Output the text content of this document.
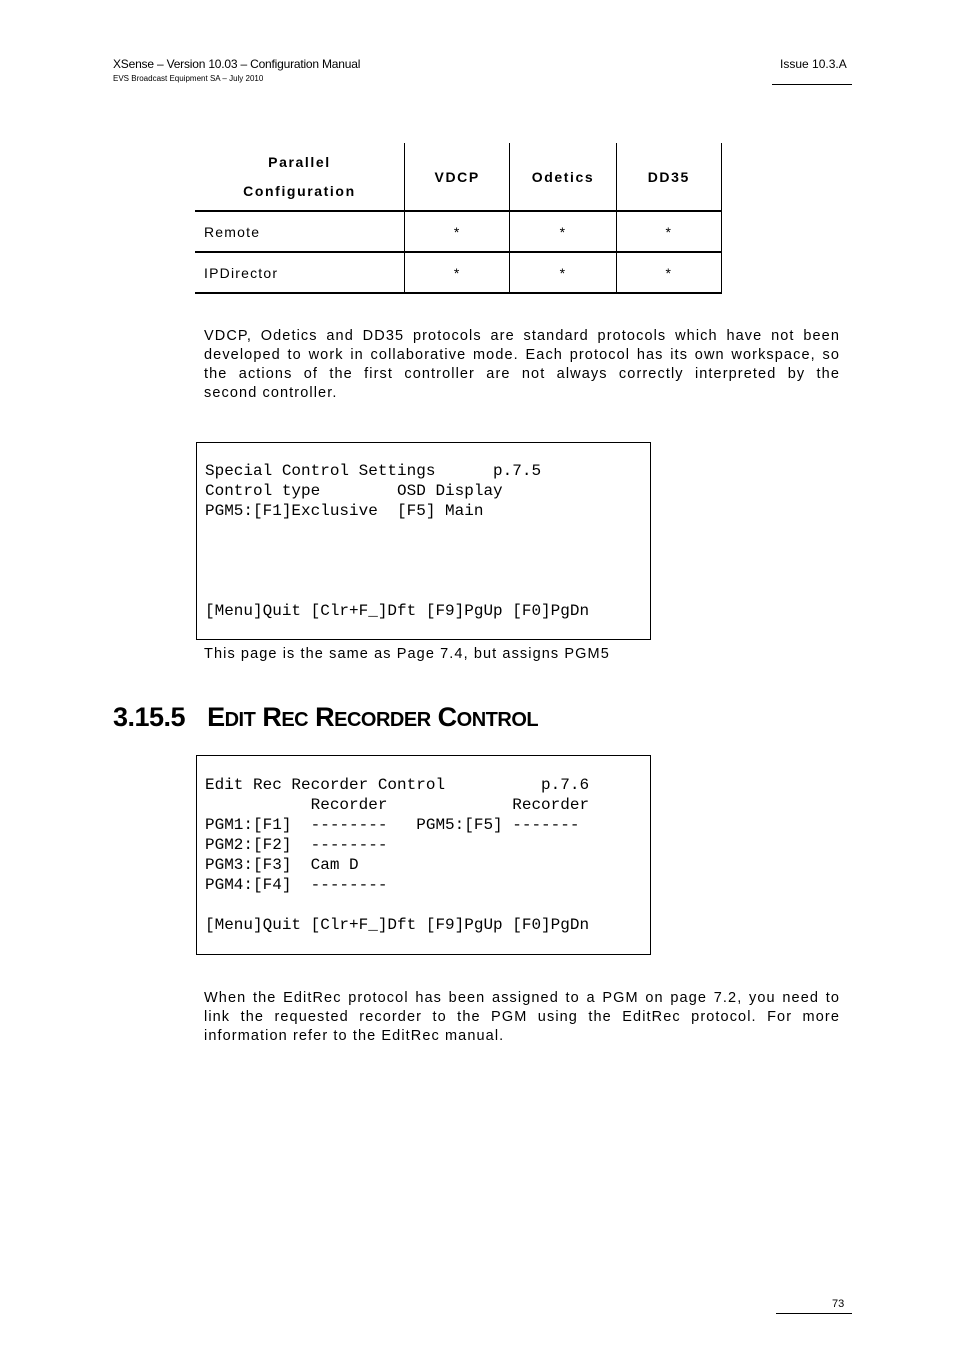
XSense – Version 10.03 – Configuration Manual
EVS Broadcast Equipment SA – July 2010
Issue 10.3.A
Parallel
Configuration	VDCP	Odetics	DD35
Remote	*	*	*
IPDirector	*	*	*
VDCP, Odetics and DD35 protocols are standard protocols which have not been
developed to work in collaborative mode. Each protocol has its own workspace, so
the actions of the first controller are not always correctly interpreted by the
second controller.
Special Control Settings      p.7.5
Control type        OSD Display
PGM5:[F1]Exclusive  [F5] Main
[Menu]Quit [Clr+F_]Dft [F9]PgUp [F0]PgDn
This page is the same as Page 7.4, but assigns PGM5
3.15.5 EDIT REC RECORDER CONTROL
Edit Rec Recorder Control          p.7.6
Recorder             Recorder
PGM1:[F1]  --------   PGM5:[F5] -------
PGM2:[F2]  --------
PGM3:[F3]  Cam D
PGM4:[F4]  --------
[Menu]Quit [Clr+F_]Dft [F9]PgUp [F0]PgDn
When the EditRec protocol has been assigned to a PGM on page 7.2, you need to
link the requested recorder to the PGM using the EditRec protocol. For more
information refer to the EditRec manual.
73
